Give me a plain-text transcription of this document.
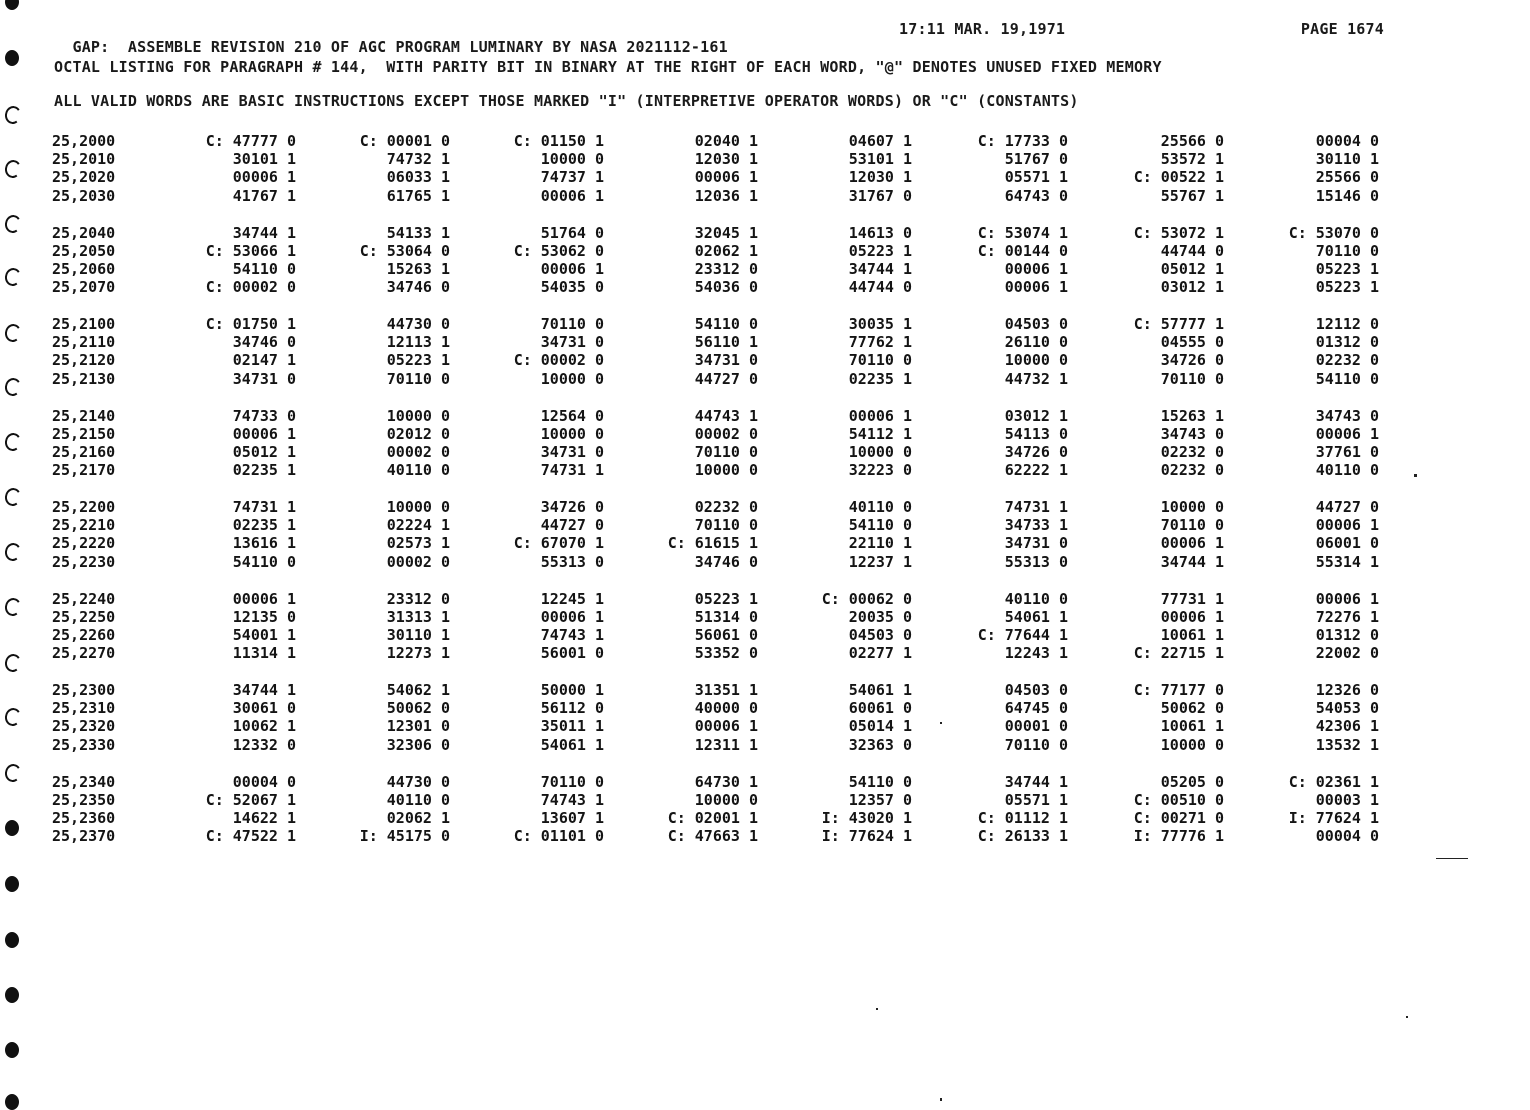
GAP:  ASSEMBLE REVISION 210 OF AGC PROGRAM LUMINARY BY NASA 2021112-161

17:11 MAR. 19,1971

	PAGE 1674

OCTAL LISTING FOR PARAGRAPH # 144,  WITH PARITY BIT IN BINARY AT THE RIGHT OF EACH WORD, "@" DENOTES UNUSED FIXED MEMORY
ALL VALID WORDS ARE BASIC INSTRUCTIONS EXCEPT THOSE MARKED "I" (INTERPRETIVE OPERATOR WORDS) OR "C" (CONSTANTS)
25,2000	C: 47777 0	C: 00001 0	C: 01150 1	02040 1	04607 1	C: 17733 0	25566 0	00004 0
25,2010	30101 1	74732 1	10000 0	12030 1	53101 1	51767 0	53572 1	30110 1
25,2020	00006 1	06033 1	74737 1	00006 1	12030 1	05571 1	C: 00522 1	25566 0
25,2030	41767 1	61765 1	00006 1	12036 1	31767 0	64743 0	55767 1	15146 0
25,2040	34744 1	54133 1	51764 0	32045 1	14613 0	C: 53074 1	C: 53072 1	C: 53070 0
25,2050	C: 53066 1	C: 53064 0	C: 53062 0	02062 1	05223 1	C: 00144 0	44744 0	70110 0
25,2060	54110 0	15263 1	00006 1	23312 0	34744 1	00006 1	05012 1	05223 1
25,2070	C: 00002 0	34746 0	54035 0	54036 0	44744 0	00006 1	03012 1	05223 1
25,2100	C: 01750 1	44730 0	70110 0	54110 0	30035 1	04503 0	C: 57777 1	12112 0
25,2110	34746 0	12113 1	34731 0	56110 1	77762 1	26110 0	04555 0	01312 0
25,2120	02147 1	05223 1	C: 00002 0	34731 0	70110 0	10000 0	34726 0	02232 0
25,2130	34731 0	70110 0	10000 0	44727 0	02235 1	44732 1	70110 0	54110 0
25,2140	74733 0	10000 0	12564 0	44743 1	00006 1	03012 1	15263 1	34743 0
25,2150	00006 1	02012 0	10000 0	00002 0	54112 1	54113 0	34743 0	00006 1
25,2160	05012 1	00002 0	34731 0	70110 0	10000 0	34726 0	02232 0	37761 0
25,2170	02235 1	40110 0	74731 1	10000 0	32223 0	62222 1	02232 0	40110 0
25,2200	74731 1	10000 0	34726 0	02232 0	40110 0	74731 1	10000 0	44727 0
25,2210	02235 1	02224 1	44727 0	70110 0	54110 0	34733 1	70110 0	00006 1
25,2220	13616 1	02573 1	C: 67070 1	C: 61615 1	22110 1	34731 0	00006 1	06001 0
25,2230	54110 0	00002 0	55313 0	34746 0	12237 1	55313 0	34744 1	55314 1
25,2240	00006 1	23312 0	12245 1	05223 1	C: 00062 0	40110 0	77731 1	00006 1
25,2250	12135 0	31313 1	00006 1	51314 0	20035 0	54061 1	00006 1	72276 1
25,2260	54001 1	30110 1	74743 1	56061 0	04503 0	C: 77644 1	10061 1	01312 0
25,2270	11314 1	12273 1	56001 0	53352 0	02277 1	12243 1	C: 22715 1	22002 0
25,2300	34744 1	54062 1	50000 1	31351 1	54061 1	04503 0	C: 77177 0	12326 0
25,2310	30061 0	50062 0	56112 0	40000 0	60061 0	64745 0	50062 0	54053 0
25,2320	10062 1	12301 0	35011 1	00006 1	05014 1	00001 0	10061 1	42306 1
25,2330	12332 0	32306 0	54061 1	12311 1	32363 0	70110 0	10000 0	13532 1
25,2340	00004 0	44730 0	70110 0	64730 1	54110 0	34744 1	05205 0	C: 02361 1
25,2350	C: 52067 1	40110 0	74743 1	10000 0	12357 0	05571 1	C: 00510 0	00003 1
25,2360	14622 1	02062 1	13607 1	C: 02001 1	I: 43020 1	C: 01112 1	C: 00271 0	I: 77624 1
25,2370	C: 47522 1	I: 45175 0	C: 01101 0	C: 47663 1	I: 77624 1	C: 26133 1	I: 77776 1	00004 0
